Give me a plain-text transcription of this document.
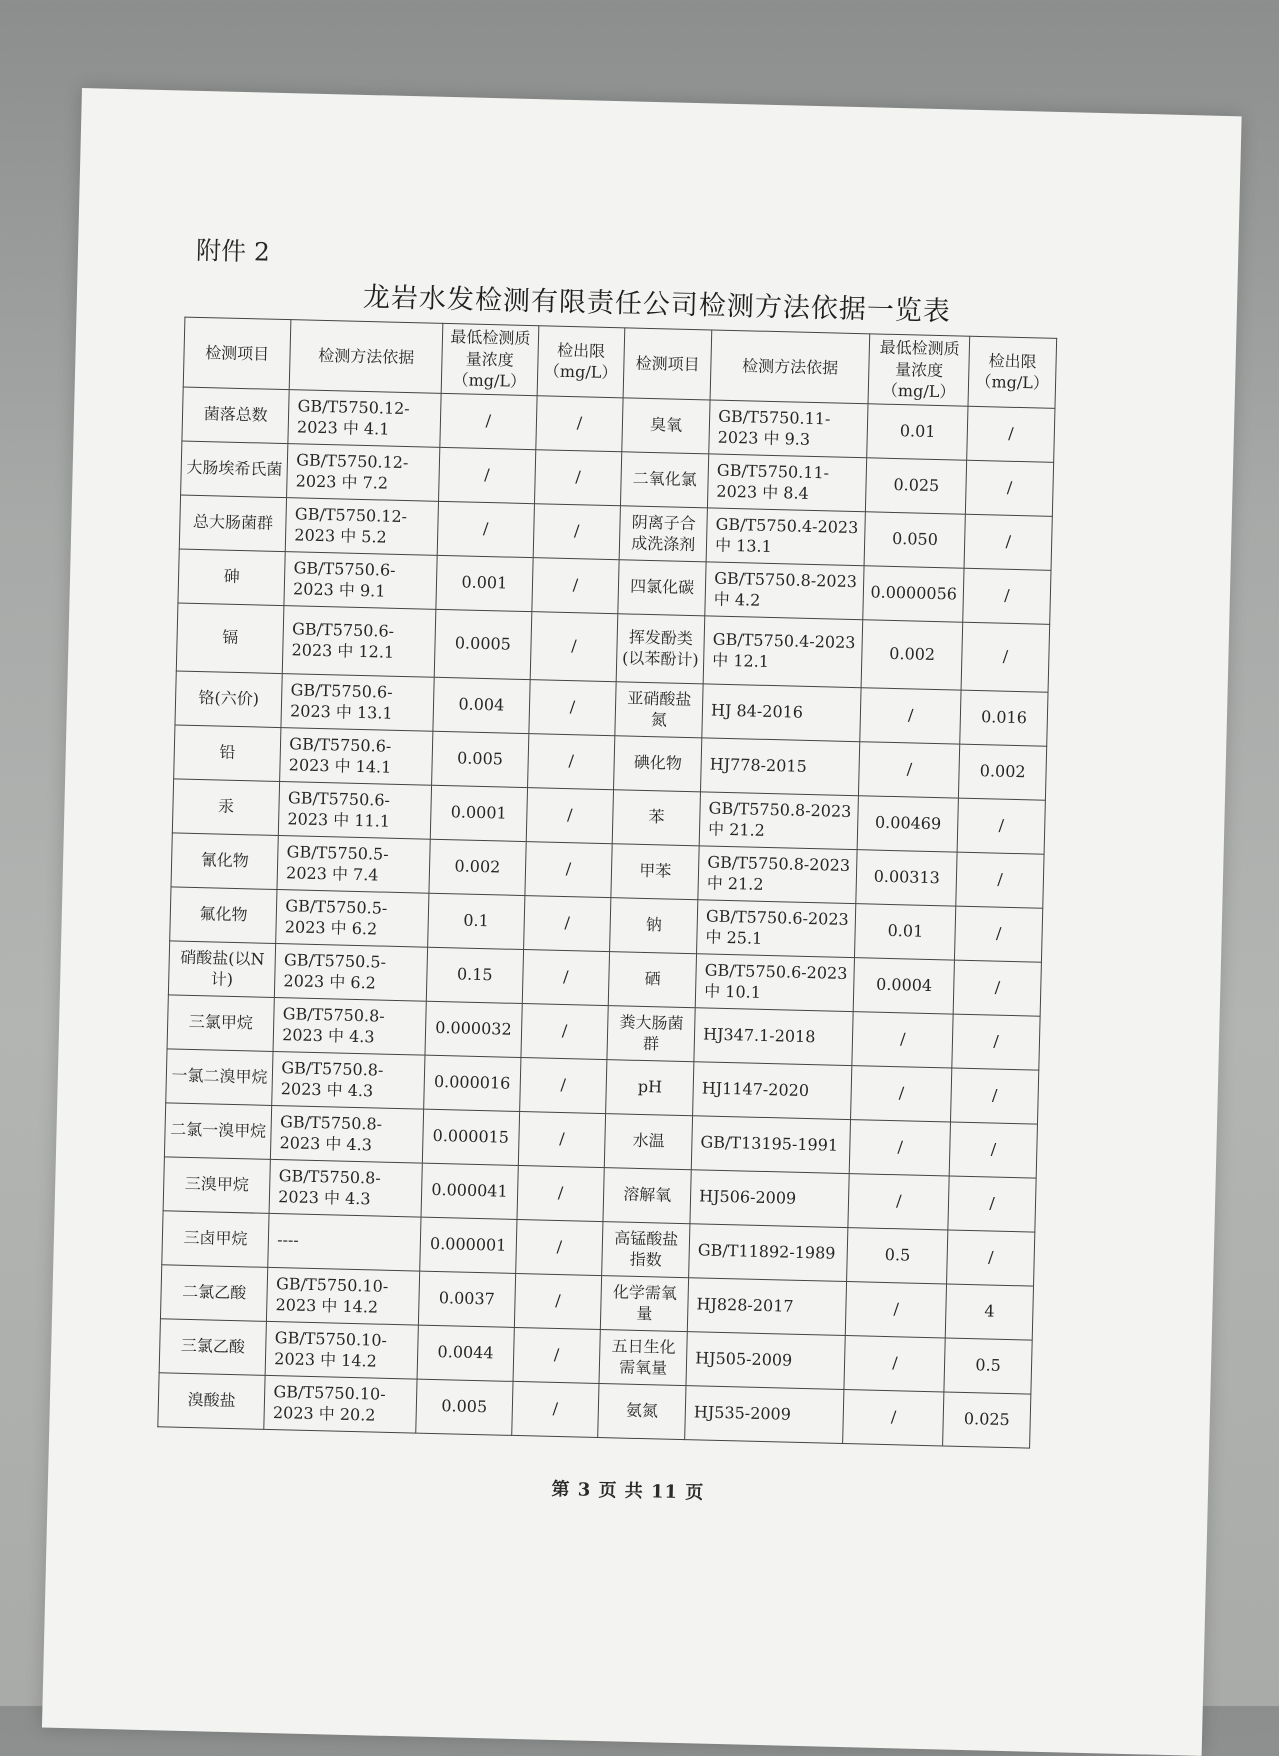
附件 2
龙岩水发检测有限责任公司检测方法依据一览表
检测项目	检测方法依据	最低检测质量浓度（mg/L）	检出限（mg/L）	检测项目	检测方法依据	最低检测质量浓度（mg/L）	检出限（mg/L）
菌落总数	GB/T5750.12-2023 中 4.1	/	/	臭氧	GB/T5750.11-2023 中 9.3	0.01	/
大肠埃希氏菌	GB/T5750.12-2023 中 7.2	/	/	二氧化氯	GB/T5750.11-2023 中 8.4	0.025	/
总大肠菌群	GB/T5750.12-2023 中 5.2	/	/	阴离子合成洗涤剂	GB/T5750.4-2023 中 13.1	0.050	/
砷	GB/T5750.6-2023 中 9.1	0.001	/	四氯化碳	GB/T5750.8-2023 中 4.2	0.0000056	/
镉	GB/T5750.6-2023 中 12.1	0.0005	/	挥发酚类(以苯酚计)	GB/T5750.4-2023 中 12.1	0.002	/
铬(六价)	GB/T5750.6-2023 中 13.1	0.004	/	亚硝酸盐氮	HJ 84-2016	/	0.016
铅	GB/T5750.6-2023 中 14.1	0.005	/	碘化物	HJ778-2015	/	0.002
汞	GB/T5750.6-2023 中 11.1	0.0001	/	苯	GB/T5750.8-2023 中 21.2	0.00469	/
氰化物	GB/T5750.5-2023 中 7.4	0.002	/	甲苯	GB/T5750.8-2023 中 21.2	0.00313	/
氟化物	GB/T5750.5-2023 中 6.2	0.1	/	钠	GB/T5750.6-2023 中 25.1	0.01	/
硝酸盐(以N计)	GB/T5750.5-2023 中 6.2	0.15	/	硒	GB/T5750.6-2023 中 10.1	0.0004	/
三氯甲烷	GB/T5750.8-2023 中 4.3	0.000032	/	粪大肠菌群	HJ347.1-2018	/	/
一氯二溴甲烷	GB/T5750.8-2023 中 4.3	0.000016	/	pH	HJ1147-2020	/	/
二氯一溴甲烷	GB/T5750.8-2023 中 4.3	0.000015	/	水温	GB/T13195-1991	/	/
三溴甲烷	GB/T5750.8-2023 中 4.3	0.000041	/	溶解氧	HJ506-2009	/	/
三卤甲烷	----	0.000001	/	高锰酸盐指数	GB/T11892-1989	0.5	/
二氯乙酸	GB/T5750.10-2023 中 14.2	0.0037	/	化学需氧量	HJ828-2017	/	4
三氯乙酸	GB/T5750.10-2023 中 14.2	0.0044	/	五日生化需氧量	HJ505-2009	/	0.5
溴酸盐	GB/T5750.10-2023 中 20.2	0.005	/	氨氮	HJ535-2009	/	0.025
第 3 页 共 11 页
